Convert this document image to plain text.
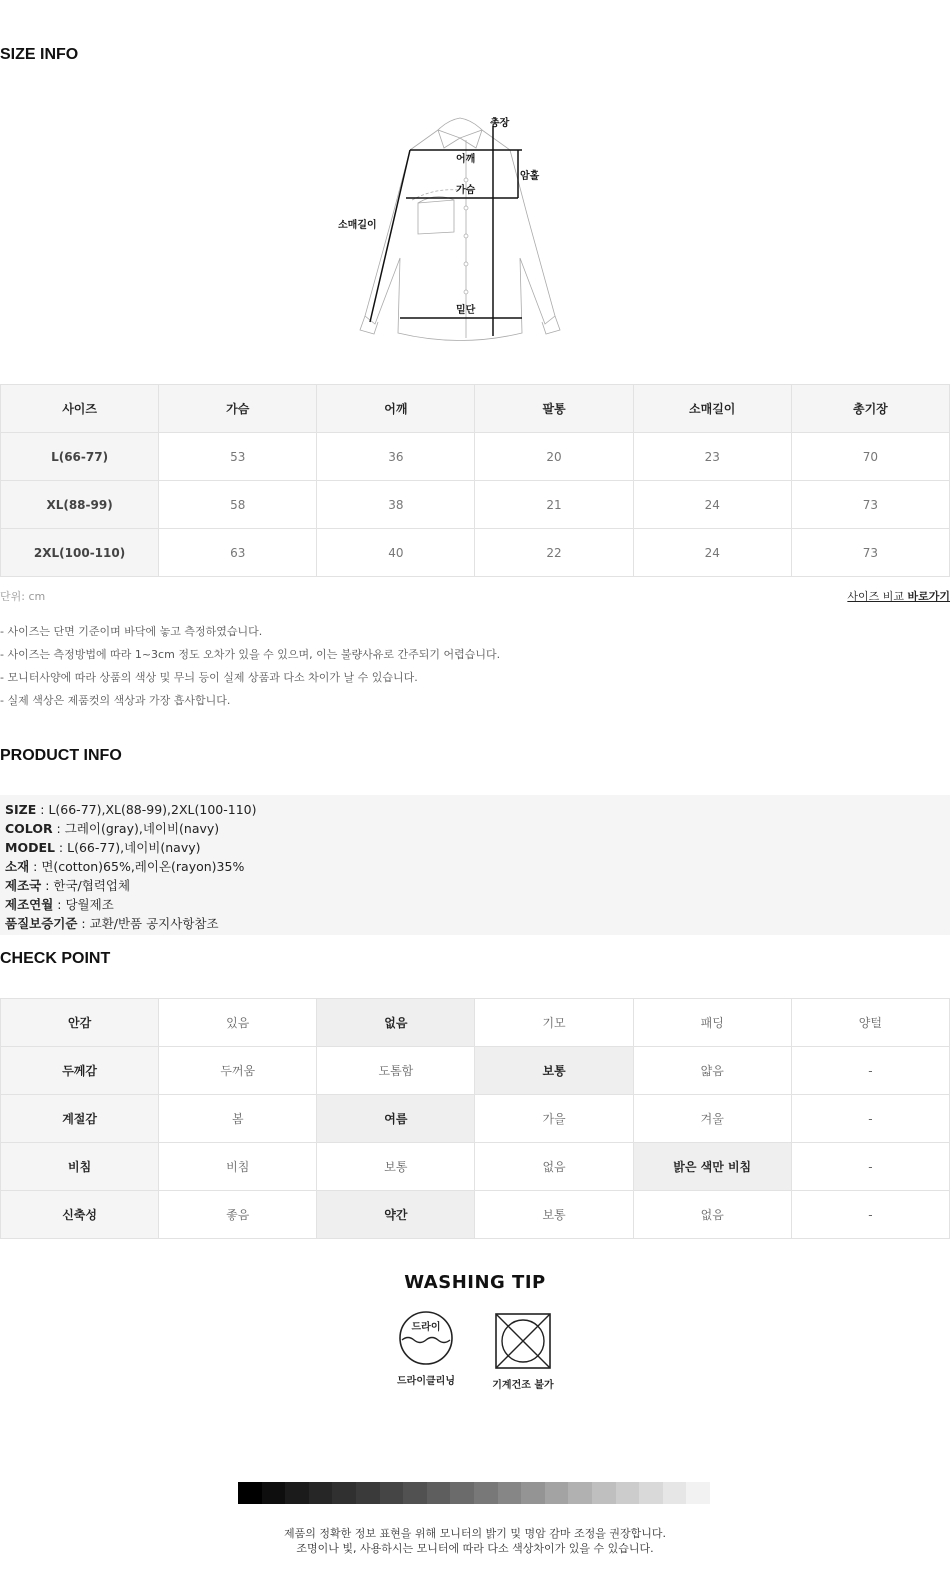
SIZE INFO
총장
어깨
암홀
가슴
소매길이
밑단
사이즈	가슴	어깨	팔통	소매길이	총기장
L(66-77)	53	36	20	23	70
XL(88-99)	58	38	21	24	73
2XL(100-110)	63	40	22	24	73
단위: cm	사이즈 비교 바로가기
- 사이즈는 단면 기준이며 바닥에 놓고 측정하였습니다.
- 사이즈는 측정방법에 따라 1~3cm 정도 오차가 있을 수 있으며, 이는 불량사유로 간주되기 어렵습니다.
- 모니터사양에 따라 상품의 색상 및 무늬 등이 실제 상품과 다소 차이가 날 수 있습니다.
- 실제 색상은 제품컷의 색상과 가장 흡사합니다.
PRODUCT INFO
SIZE : L(66-77),XL(88-99),2XL(100-110)
COLOR : 그레이(gray),네이비(navy)
MODEL : L(66-77),네이비(navy)
소재 : 면(cotton)65%,레이온(rayon)35%
제조국 : 한국/협력업체
제조연월 : 당월제조
품질보증기준 : 교환/반품 공지사항참조
CHECK POINT
안감	있음	없음	기모	패딩	양털
두께감	두꺼움	도톰함	보통	얇음	-
계절감	봄	여름	가을	겨울	-
비침	비침	보통	없음	밝은 색만 비침	-
신축성	좋음	약간	보통	없음	-
WASHING TIP
드라이
드라이클리닝	기계건조 불가
제품의 정확한 정보 표현을 위해 모니터의 밝기 및 명암 감마 조정을 권장합니다.
조명이나 빛, 사용하시는 모니터에 따라 다소 색상차이가 있을 수 있습니다.
